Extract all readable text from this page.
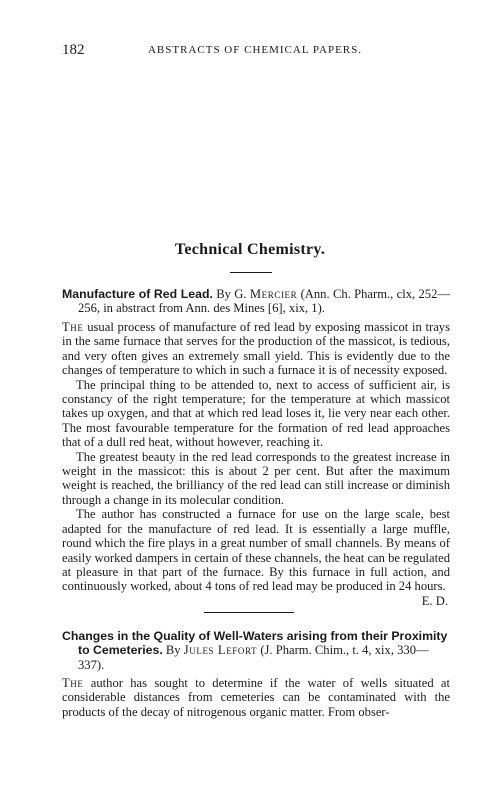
182	ABSTRACTS OF CHEMICAL PAPERS.
Technical Chemistry.

Manufacture of Red Lead. By G. Mercier (Ann. Ch. Pharm., clx, 252—256, in abstract from Ann. des Mines [6], xix, 1).

The usual process of manufacture of red lead by exposing massicot in trays in the same furnace that serves for the production of the massicot, is tedious, and very often gives an extremely small yield. This is evidently due to the changes of temperature to which in such a furnace it is of necessity exposed.

The principal thing to be attended to, next to access of sufficient air, is constancy of the right temperature; for the temperature at which massicot takes up oxygen, and that at which red lead loses it, lie very near each other. The most favourable temperature for the formation of red lead approaches that of a dull red heat, without however, reaching it.

The greatest beauty in the red lead corresponds to the greatest increase in weight in the massicot: this is about 2 per cent. But after the maximum weight is reached, the brilliancy of the red lead can still increase or diminish through a change in its molecular condition.

The author has constructed a furnace for use on the large scale, best adapted for the manufacture of red lead. It is essentially a large muffle, round which the fire plays in a great number of small channels. By means of easily worked dampers in certain of these channels, the heat can be regulated at pleasure in that part of the furnace. By this furnace in full action, and continuously worked, about 4 tons of red lead may be produced in 24 hours.

E. D.

Changes in the Quality of Well-Waters arising from their Proximity to Cemeteries. By Jules Lefort (J. Pharm. Chim., t. 4, xix, 330—337).

The author has sought to determine if the water of wells situated at considerable distances from cemeteries can be contaminated with the products of the decay of nitrogenous organic matter. From obser-
